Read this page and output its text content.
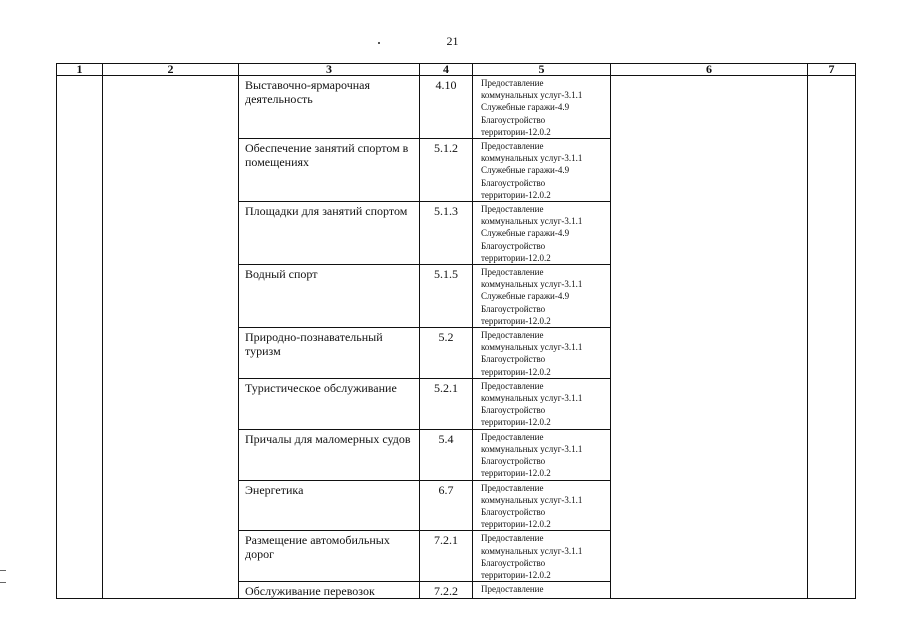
21
1	2	3	4	5	6	7
		Выставочно-ярмарочная деятельность	4.10	Предоставление
коммунальных услуг-3.1.1
Служебные гаражи-4.9
Благоустройство
территории-12.0.2		

		Обеспечение занятий спортом в помещениях	5.1.2	Предоставление
коммунальных услуг-3.1.1
Служебные гаражи-4.9
Благоустройство
территории-12.0.2		

		Площадки для занятий спортом	5.1.3	Предоставление
коммунальных услуг-3.1.1
Служебные гаражи-4.9
Благоустройство
территории-12.0.2		

		Водный спорт	5.1.5	Предоставление
коммунальных услуг-3.1.1
Служебные гаражи-4.9
Благоустройство
территории-12.0.2		

		Природно-познавательный туризм	5.2	Предоставление
коммунальных услуг-3.1.1
Благоустройство
территории-12.0.2		

		Туристическое обслуживание	5.2.1	Предоставление
коммунальных услуг-3.1.1
Благоустройство
территории-12.0.2		

		Причалы для маломерных судов	5.4	Предоставление
коммунальных услуг-3.1.1
Благоустройство
территории-12.0.2		

		Энергетика	6.7	Предоставление
коммунальных услуг-3.1.1
Благоустройство
территории-12.0.2		

		Размещение автомобильных дорог	7.2.1	Предоставление
коммунальных услуг-3.1.1
Благоустройство
территории-12.0.2		

		Обслуживание перевозок	7.2.2	Предоставление		
